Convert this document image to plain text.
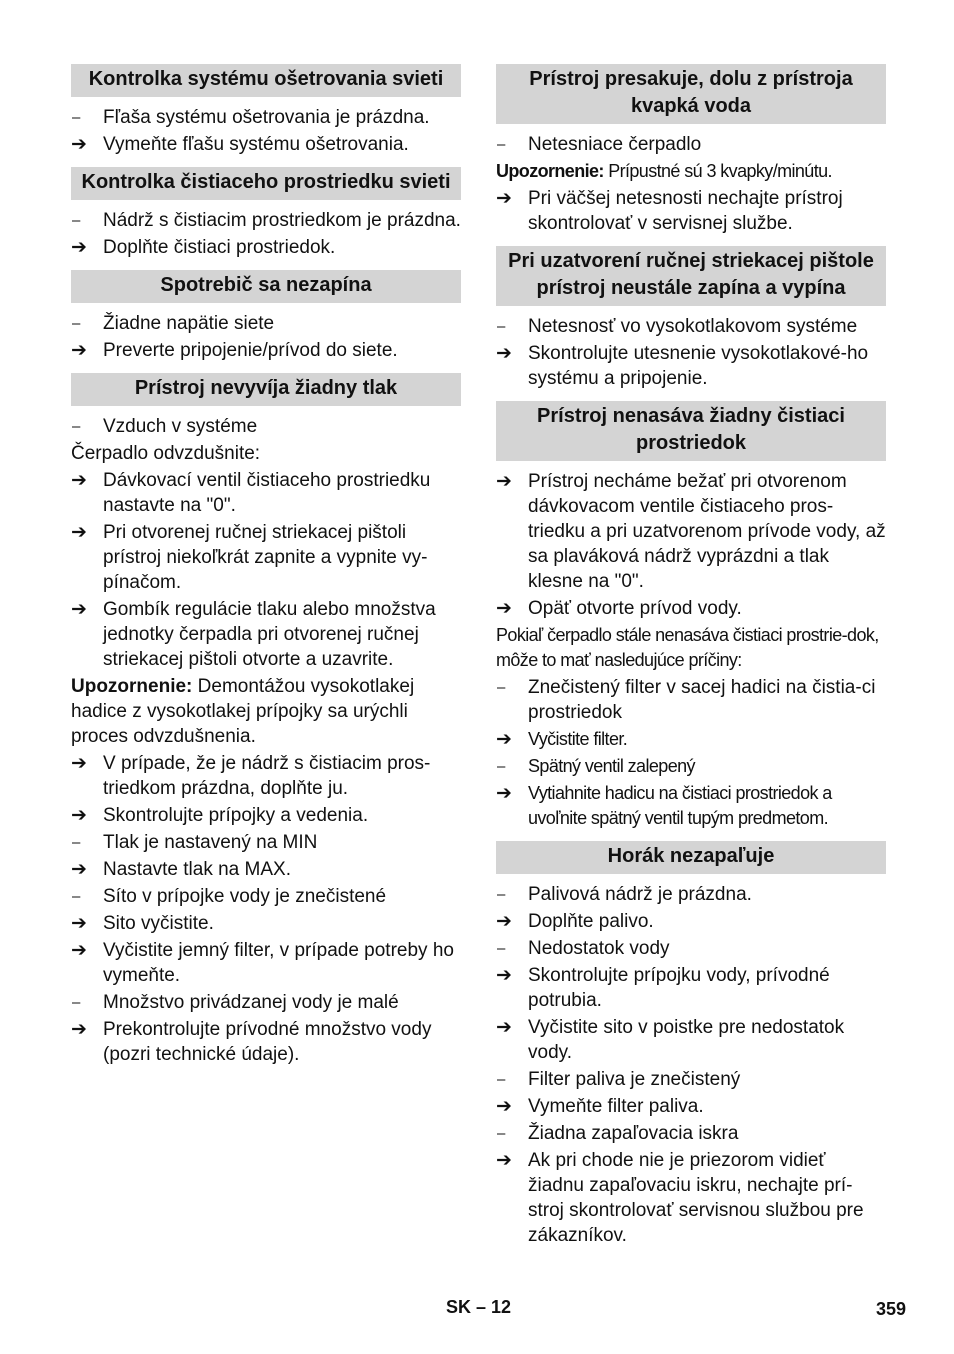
Kontrolka systému ošetrovania svieti
–	Fľaša systému ošetrovania je prázdna.
➔ Vymeňte fľašu systému ošetrovania.
Kontrolka čistiaceho prostriedku svieti
–	Nádrž s čistiacim prostriedkom je prázdna.
➔ Doplňte čistiaci prostriedok.
Spotrebič sa nezapína
–	Žiadne napätie siete
➔ Preverte pripojenie/prívod do siete.
Prístroj nevyvíja žiadny tlak
–	Vzduch v systéme
Čerpadlo odvzdušnite:
➔ Dávkovací ventil čistiaceho prostriedku nastavte na "0".
➔ Pri otvorenej ručnej striekacej pištoli prístroj niekoľkrát zapnite a vypnite vy-pínačom.
➔ Gombík regulácie tlaku alebo množstva jednotky čerpadla pri otvorenej ručnej striekacej pištoli otvorte a uzavrite.
Upozornenie: Demontážou vysokotlakej hadice z vysokotlakej prípojky sa urýchli proces odvzdušnenia.
➔ V prípade, že je nádrž s čistiacim pros-triedkom prázdna, doplňte ju.
➔ Skontrolujte prípojky a vedenia.
–	Tlak je nastavený na MIN
➔ Nastavte tlak na MAX.
–	Síto v prípojke vody je znečistené
➔ Sito vyčistite.
➔ Vyčistite jemný filter, v prípade potreby ho vymeňte.
–	Množstvo privádzanej vody je malé
➔ Prekontrolujte prívodné množstvo vody (pozri technické údaje).
Prístroj presakuje, dolu z prístroja kvapká voda
–	Netesniace čerpadlo
Upozornenie: Prípustné sú 3 kvapky/minútu.
➔ Pri väčšej netesnosti nechajte prístroj skontrolovať v servisnej službe.
Pri uzatvorení ručnej striekacej pištole prístroj neustále zapína a vypína
–	Netesnosť vo vysokotlakovom systéme
➔ Skontrolujte utesnenie vysokotlakové-ho systému a pripojenie.
Prístroj nenasáva žiadny čistiaci prostriedok
➔ Prístroj necháme bežať pri otvorenom dávkovacom ventile čistiaceho pros-triedku a pri uzatvorenom prívode vody, až sa plaváková nádrž vyprázdni a tlak klesne na "0".
➔ Opäť otvorte prívod vody.
Pokiaľ čerpadlo stále nenasáva čistiaci prostrie-dok, môže to mať nasledujúce príčiny:
–	Znečistený filter v sacej hadici na čistia-ci prostriedok
➔ Vyčistite filter.
–	Spätný ventil zalepený
➔ Vytiahnite hadicu na čistiaci prostriedok a uvoľnite spätný ventil tupým predmetom.
Horák nezapaľuje
–	Palivová nádrž je prázdna.
➔ Doplňte palivo.
–	Nedostatok vody
➔ Skontrolujte prípojku vody, prívodné potrubia.
➔ Vyčistite sito v poistke pre nedostatok vody.
–	Filter paliva je znečistený
➔ Vymeňte filter paliva.
–	Žiadna zapaľovacia iskra
➔ Ak pri chode nie je priezorom vidieť žiadnu zapaľovaciu iskru, nechajte prí-stroj skontrolovať servisnou službou pre zákazníkov.
SK – 12	359
